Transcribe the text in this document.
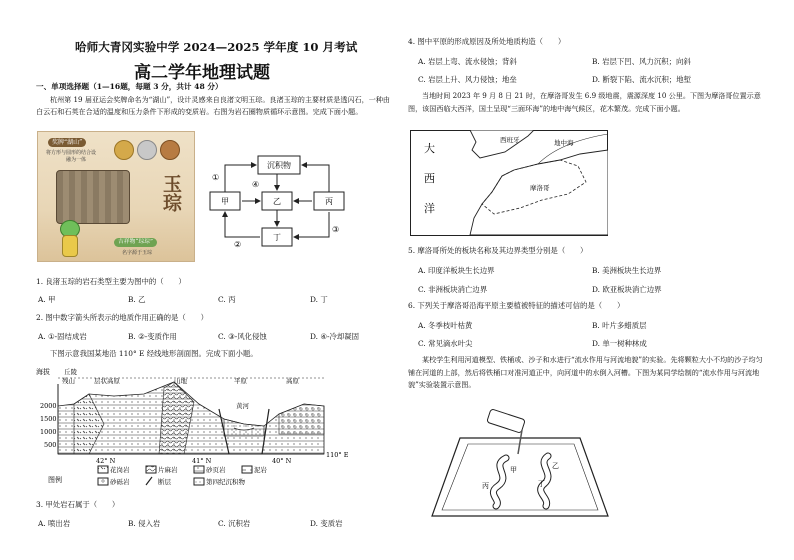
哈师大青冈实验中学 2024—2025 学年度 10 月考试
高二学年地理试题
一、单项选择题（1—16题，每题 3 分，共计 48 分）
杭州第 19 届亚运会奖牌命名为“湖山”，设计灵感来自良渚文明玉琮。良渚玉琮的主要材质是透闪石，一种由白云石和石英在合适的温度和压力条件下形成的变质岩。右图为岩石圈物质循环示意图。完成下面小题。
奖牌“湖山”
将方形与圆形的结合设
融为一体
玉琮
吉祥物“琮琮”
名字源于玉琮
沉积物
甲	乙	丙
丁
①
②
③
④
1. 良渚玉琮的岩石类型主要为图中的（　　）
A. 甲	B. 乙	C. 丙	D. 丁
2. 图中数字箭头所表示的地质作用正确的是（　　）
A. ①-固结成岩	B. ②-变质作用	C. ③-风化侵蚀	D. ④-冷却凝固
下图示意我国某地沿 110° E 经线地形剖面图。完成下面小题。
海拔
2000
1500
1000
500
丘陵
残山	层状高原	山地	平原	高原
黄河
42° N	41° N	40° N
110° E
图例
花岗岩	片麻岩	砂页岩	泥岩
砂砾岩	断层	第四纪沉积物
3. 甲处岩石属于（　　）
A. 喷出岩	B. 侵入岩	C. 沉积岩	D. 变质岩
4. 图中平原的形成原因及所处地质构造（　　）
A. 岩层上弯、流水侵蚀；背斜	B. 岩层下凹、风力沉积；向斜
C. 岩层上升、风力侵蚀；地垒	D. 断裂下陷、流水沉积；地堑
当地时间 2023 年 9 月 8 日 21 时，在摩洛哥发生 6.9 级地震，震源深度 10 公里。下图为摩洛哥位置示意图，该国西临大西洋，国土呈现“三面环海”的地中海气候区，花木繁茂。完成下面小题。
大
西
洋
西班牙	地中海
摩洛哥
5. 摩洛哥所处的板块名称及其边界类型分别是（　　）
A. 印度洋板块生长边界	B. 美洲板块生长边界
C. 非洲板块消亡边界	D. 欧亚板块消亡边界
6. 下列关于摩洛哥沿海平原主要植被特征的描述可信的是（　　）
A. 冬季枝叶枯黄	B. 叶片多蜡质层
C. 常见滴水叶尖	D. 单一树种林成
某校学生利用河道模型、铁桶或、沙子和水进行“流水作用与河流地貌”的实验。先将颗粒大小不均的沙子均匀铺在河道的上部，然后将铁桶口对准河道正中，向河道中的水倒入河槽。下图为某同学绘制的“流水作用与河流地貌”实验装置示意图。
甲	乙
丙	丁
